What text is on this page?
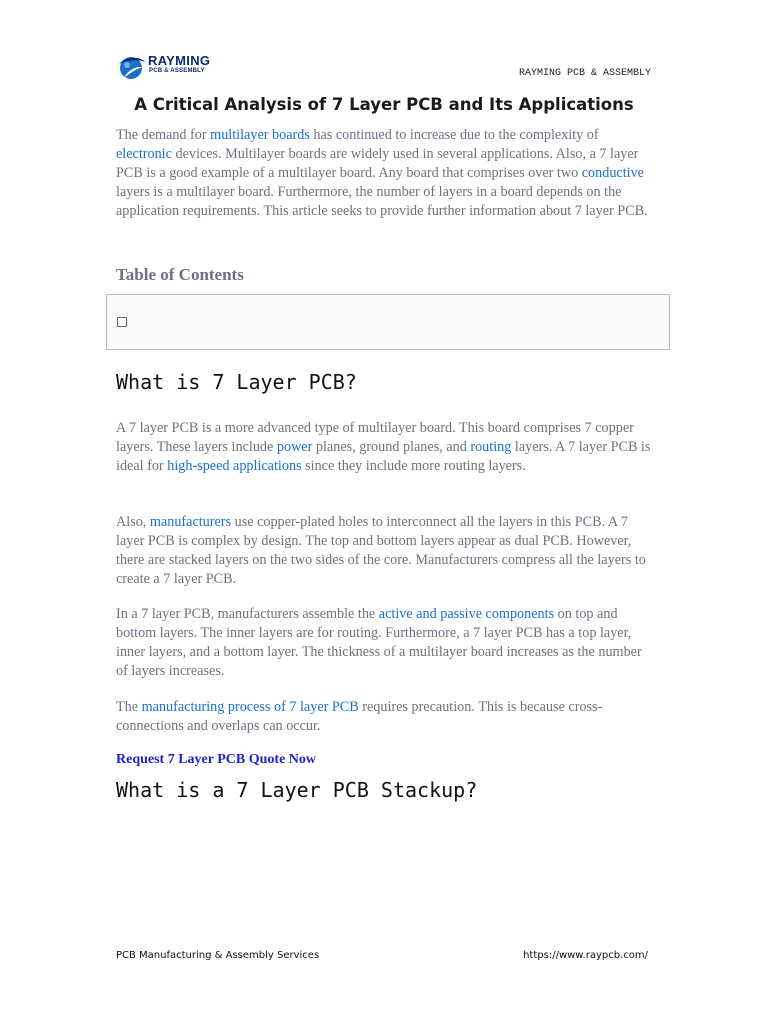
RAYMING
PCB & ASSEMBLY	RAYMING PCB & ASSEMBLY
A Critical Analysis of 7 Layer PCB and Its Applications

The demand for multilayer boards has continued to increase due to the complexity of electronic devices. Multilayer boards are widely used in several applications. Also, a 7 layer PCB is a good example of a multilayer board. Any board that comprises over two conductive layers is a multilayer board. Furthermore, the number of layers in a board depends on the application requirements. This article seeks to provide further information about 7 layer PCB.

Table of Contents
What is 7 Layer PCB?

A 7 layer PCB is a more advanced type of multilayer board. This board comprises 7 copper layers. These layers include power planes, ground planes, and routing layers. A 7 layer PCB is ideal for high-speed applications since they include more routing layers.

Also, manufacturers use copper-plated holes to interconnect all the layers in this PCB. A 7 layer PCB is complex by design. The top and bottom layers appear as dual PCB. However, there are stacked layers on the two sides of the core. Manufacturers compress all the layers to create a 7 layer PCB.

In a 7 layer PCB, manufacturers assemble the active and passive components on top and bottom layers. The inner layers are for routing. Furthermore, a 7 layer PCB has a top layer, inner layers, and a bottom layer. The thickness of a multilayer board increases as the number of layers increases.

The manufacturing process of 7 layer PCB requires precaution. This is because cross-connections and overlaps can occur.

Request 7 Layer PCB Quote Now
What is a 7 Layer PCB Stackup?
PCB Manufacturing & Assembly Services	https://www.raypcb.com/
